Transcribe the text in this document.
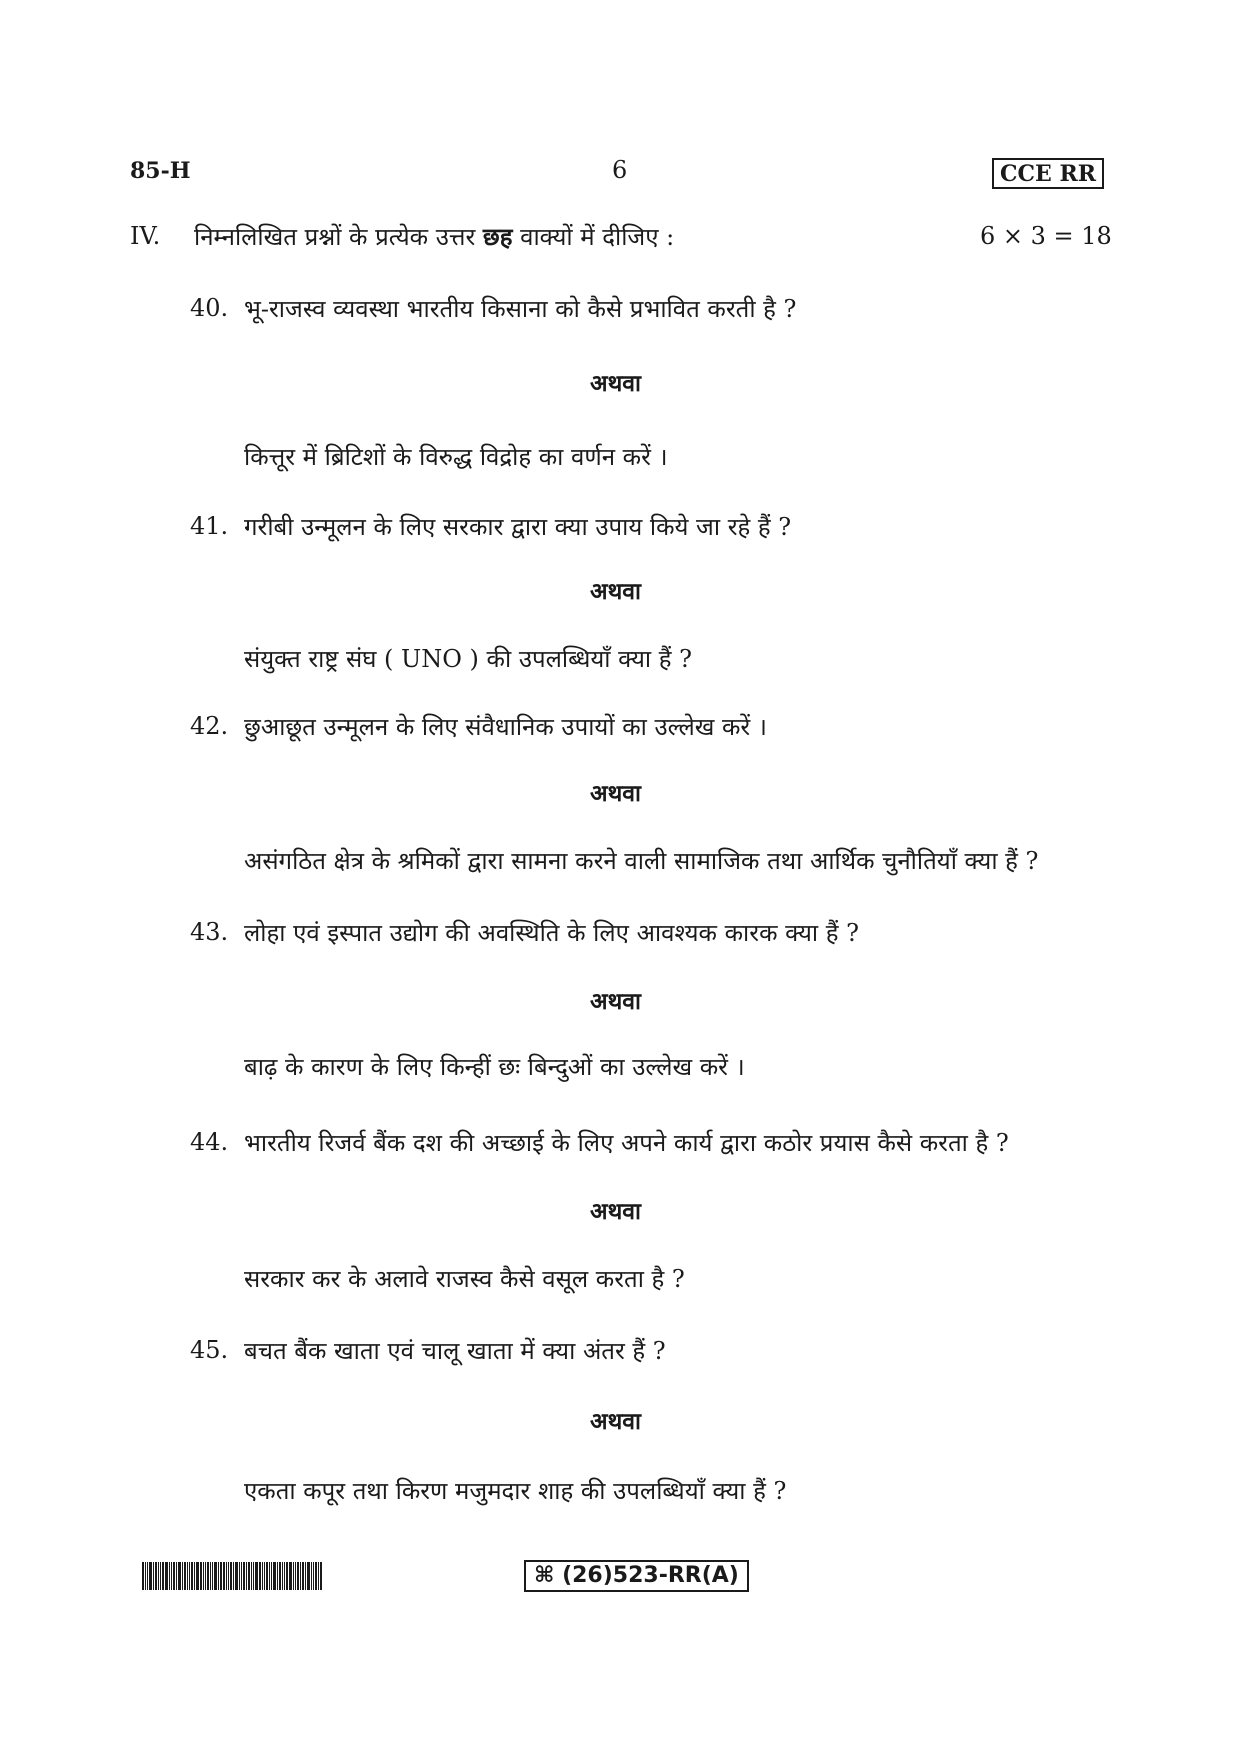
85-H	6	CCE RR
IV. निम्नलिखित प्रश्नों के प्रत्येक उत्तर छह वाक्यों में दीजिए :	6 × 3 = 18
40. भू-राजस्व व्यवस्था भारतीय किसाना को कैसे प्रभावित करती है ?
अथवा
कित्तूर में ब्रिटिशों के विरुद्ध विद्रोह का वर्णन करें ।
41. गरीबी उन्मूलन के लिए सरकार द्वारा क्या उपाय किये जा रहे हैं ?
अथवा
संयुक्त राष्ट्र संघ ( UNO ) की उपलब्धियाँ क्या हैं ?
42. छुआछूत उन्मूलन के लिए संवैधानिक उपायों का उल्लेख करें ।
अथवा
असंगठित क्षेत्र के श्रमिकों द्वारा सामना करने वाली सामाजिक तथा आर्थिक चुनौतियाँ क्या हैं ?
43. लोहा एवं इस्पात उद्योग की अवस्थिति के लिए आवश्यक कारक क्या हैं ?
अथवा
बाढ़ के कारण के लिए किन्हीं छः बिन्दुओं का उल्लेख करें ।
44. भारतीय रिजर्व बैंक दश की अच्छाई के लिए अपने कार्य द्वारा कठोर प्रयास कैसे करता है ?
अथवा
सरकार कर के अलावे राजस्व कैसे वसूल करता है ?
45. बचत बैंक खाता एवं चालू खाता में क्या अंतर हैं ?
अथवा
एकता कपूर तथा किरण मजुमदार शाह की उपलब्धियाँ क्या हैं ?
⌘ (26)523-RR(A)
